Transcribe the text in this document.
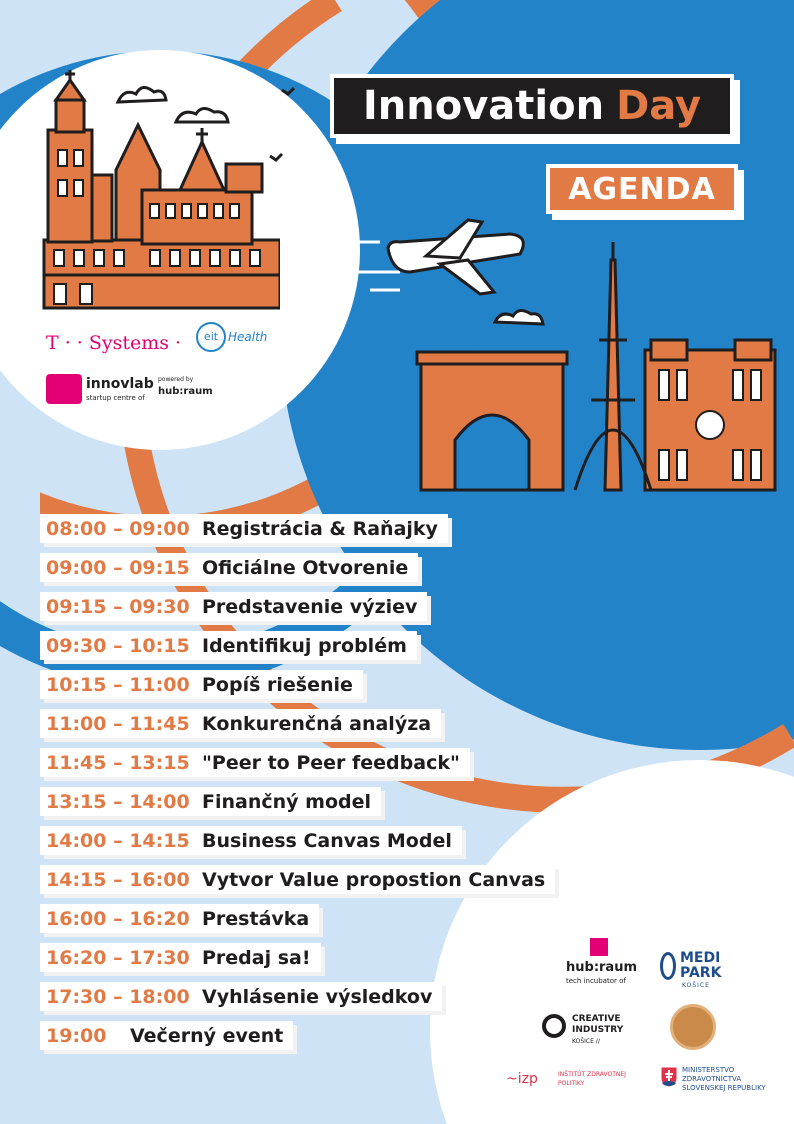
Innovation Day
AGENDA
T · · Systems ·	eit Health
innovlab
startup centre of
powered by
hub:raum
08:00 – 09:00 Registrácia & Raňajky
09:00 – 09:15 Oficiálne Otvorenie
09:15 – 09:30 Predstavenie výziev
09:30 – 10:15 Identifikuj problém
10:15 – 11:00 Popíš riešenie
11:00 – 11:45 Konkurenčná analýza
11:45 – 13:15 "Peer to Peer feedback"
13:15 – 14:00 Finančný model
14:00 – 14:15 Business Canvas Model
14:15 – 16:00 Vytvor Value propostion Canvas
16:00 – 16:20 Prestávka
16:20 – 17:30 Predaj sa!
17:30 – 18:00 Vyhlásenie výsledkov
19:00	Večerný event
hub:raum
tech incubator of
MEDI
PARK
KOŠICE
CREATIVE
INDUSTRY
KOŠICE //
~izp	INŠTITÚT ZDRAVOTNEJ
POLITIKY
MINISTERSTVO
ZDRAVOTNÍCTVA
SLOVENSKEJ REPUBLIKY
